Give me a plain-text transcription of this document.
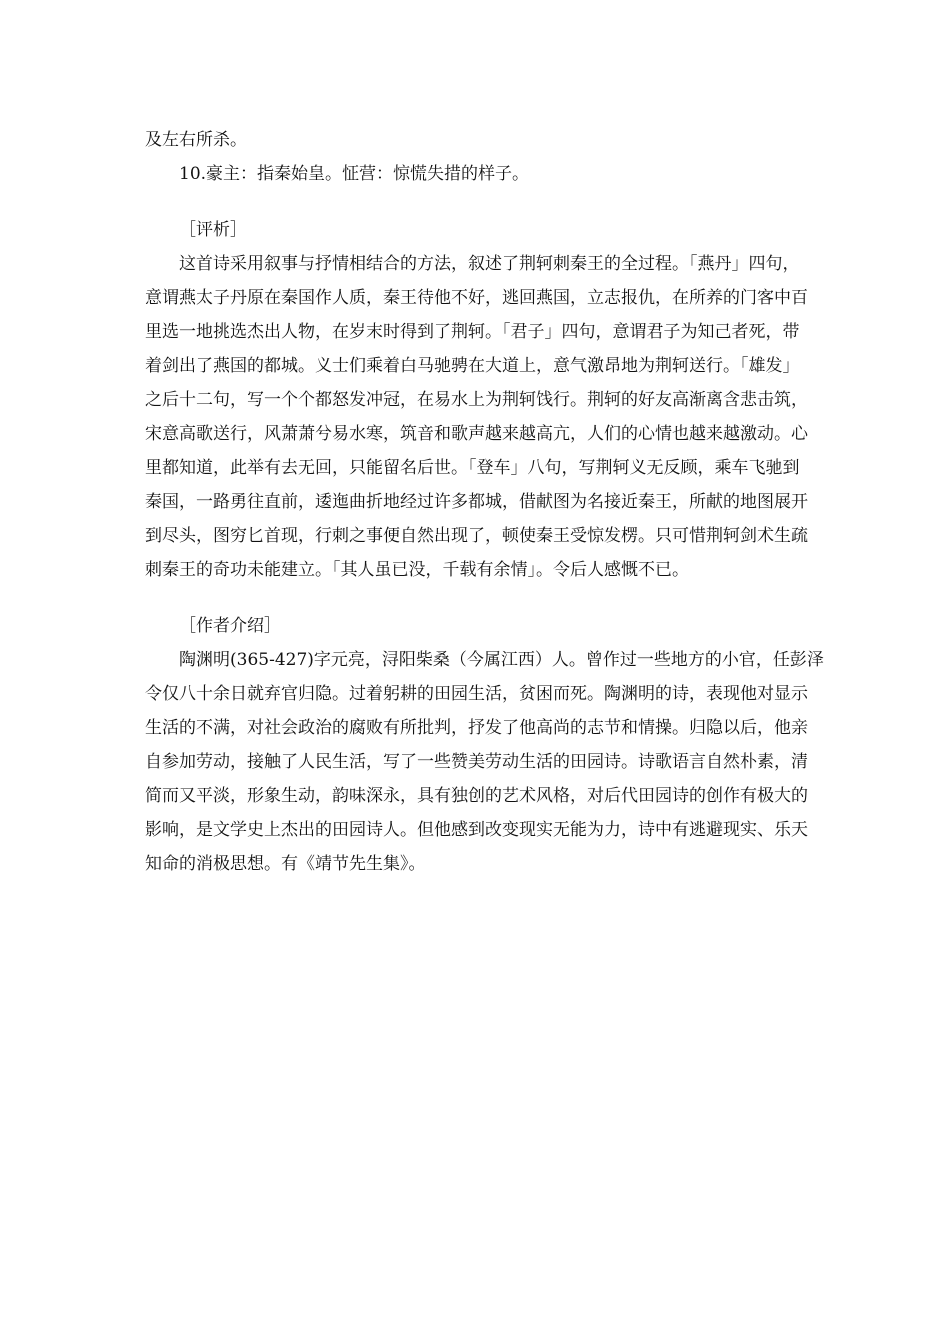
及左右所杀。

10.豪主：指秦始皇。怔营：惊慌失措的样子。

［评析］

这首诗采用叙事与抒情相结合的方法，叙述了荆轲刺秦王的全过程。「燕丹」四句，

意谓燕太子丹原在秦国作人质，秦王待他不好，逃回燕国，立志报仇，在所养的门客中百

里选一地挑选杰出人物，在岁末时得到了荆轲。「君子」四句，意谓君子为知己者死，带

着剑出了燕国的都城。义士们乘着白马驰骋在大道上，意气激昂地为荆轲送行。「雄发」

之后十二句，写一个个都怒发冲冠，在易水上为荆轲饯行。荆轲的好友高渐离含悲击筑，

宋意高歌送行，风萧萧兮易水寒，筑音和歌声越来越高亢，人们的心情也越来越激动。心

里都知道，此举有去无回，只能留名后世。「登车」八句，写荆轲义无反顾，乘车飞驰到

秦国，一路勇往直前，逶迤曲折地经过许多都城，借献图为名接近秦王，所献的地图展开

到尽头，图穷匕首现，行刺之事便自然出现了，顿使秦王受惊发楞。只可惜荆轲剑术生疏

刺秦王的奇功未能建立。「其人虽已没，千载有余情」。令后人感慨不已。

［作者介绍］

陶渊明(365-427)字元亮，浔阳柴桑（今属江西）人。曾作过一些地方的小官，任彭泽

令仅八十余日就弃官归隐。过着躬耕的田园生活，贫困而死。陶渊明的诗，表现他对显示

生活的不满，对社会政治的腐败有所批判，抒发了他高尚的志节和情操。归隐以后，他亲

自参加劳动，接触了人民生活，写了一些赞美劳动生活的田园诗。诗歌语言自然朴素，清

简而又平淡，形象生动，韵味深永，具有独创的艺术风格，对后代田园诗的创作有极大的

影响，是文学史上杰出的田园诗人。但他感到改变现实无能为力，诗中有逃避现实、乐天

知命的消极思想。有《靖节先生集》。
